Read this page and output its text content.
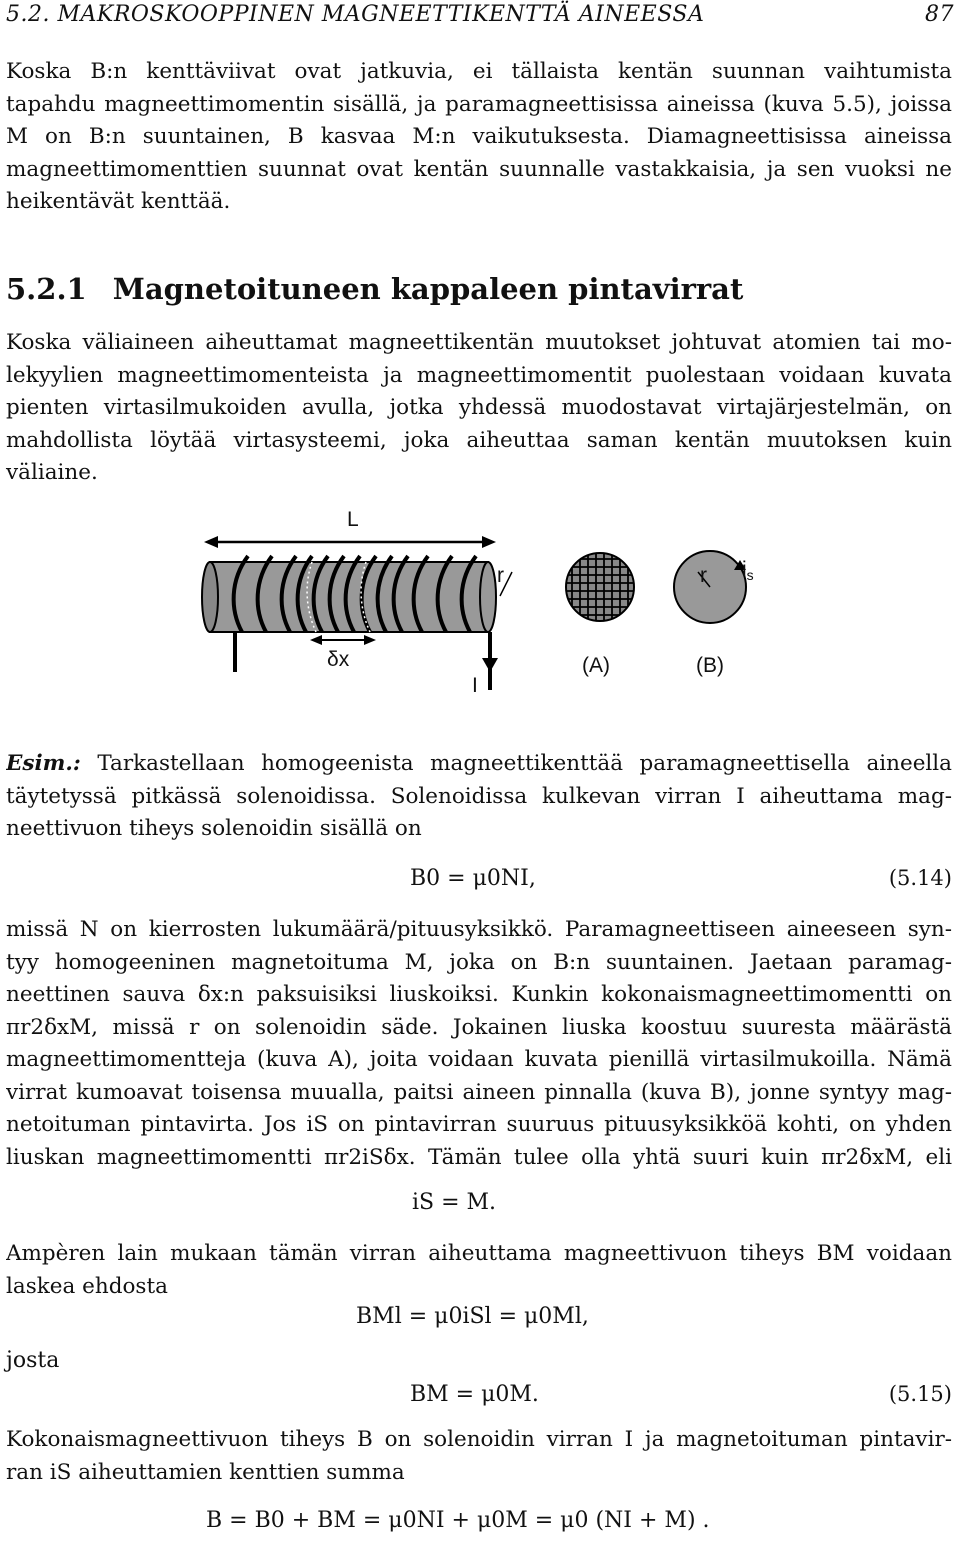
5.2. MAKROSKOOPPINEN MAGNEETTIKENTTÄ AINEESSA	87
Koska B:n kenttäviivat ovat jatkuvia, ei tällaista kentän suunnan vaihtumista
tapahdu magneettimomentin sisällä, ja paramagneettisissa aineissa (kuva 5.5), joissa
M on B:n suuntainen, B kasvaa M:n vaikutuksesta. Diamagneettisissa aineissa
magneettimomenttien suunnat ovat kentän suunnalle vastakkaisia, ja sen vuoksi ne
heikentävät kenttää.
5.2.1 Magnetoituneen kappaleen pintavirrat
Koska väliaineen aiheuttamat magneettikentän muutokset johtuvat atomien tai mo-
lekyylien magneettimomenteista ja magneettimomentit puolestaan voidaan kuvata
pienten virtasilmukoiden avulla, jotka yhdessä muodostavat virtajärjestelmän, on
mahdollista löytää virtasysteemi, joka aiheuttaa saman kentän muutoksen kuin
väliaine.
L
r
δx
I
(A)
r $i_s$
(B)
Esim.: Tarkastellaan homogeenista magneettikenttää paramagneettisella aineella
täytetyssä pitkässä solenoidissa. Solenoidissa kulkevan virran I aiheuttama mag-
neettivuon tiheys solenoidin sisällä on
B0 = μ0NI,	(5.14)
missä N on kierrosten lukumäärä/pituusyksikkö. Paramagneettiseen aineeseen syn-
tyy homogeeninen magnetoituma M, joka on B:n suuntainen. Jaetaan paramag-
neettinen sauva δx:n paksuisiksi liuskoiksi. Kunkin kokonaismagneettimomentti on
πr2δxM, missä r on solenoidin säde. Jokainen liuska koostuu suuresta määrästä
magneettimomentteja (kuva A), joita voidaan kuvata pienillä virtasilmukoilla. Nämä
virrat kumoavat toisensa muualla, paitsi aineen pinnalla (kuva B), jonne syntyy mag-
netoituman pintavirta. Jos iS on pintavirran suuruus pituusyksikköä kohti, on yhden
liuskan magneettimomentti πr2iSδx. Tämän tulee olla yhtä suuri kuin πr2δxM, eli
iS = M.
Ampèren lain mukaan tämän virran aiheuttama magneettivuon tiheys BM voidaan
laskea ehdosta
BMl = μ0iSl = μ0Ml,
josta
BM = μ0M.	(5.15)
Kokonaismagneettivuon tiheys B on solenoidin virran I ja magnetoituman pintavir-
ran iS aiheuttamien kenttien summa
B = B0 + BM = μ0NI + μ0M = μ0 (NI + M) .
